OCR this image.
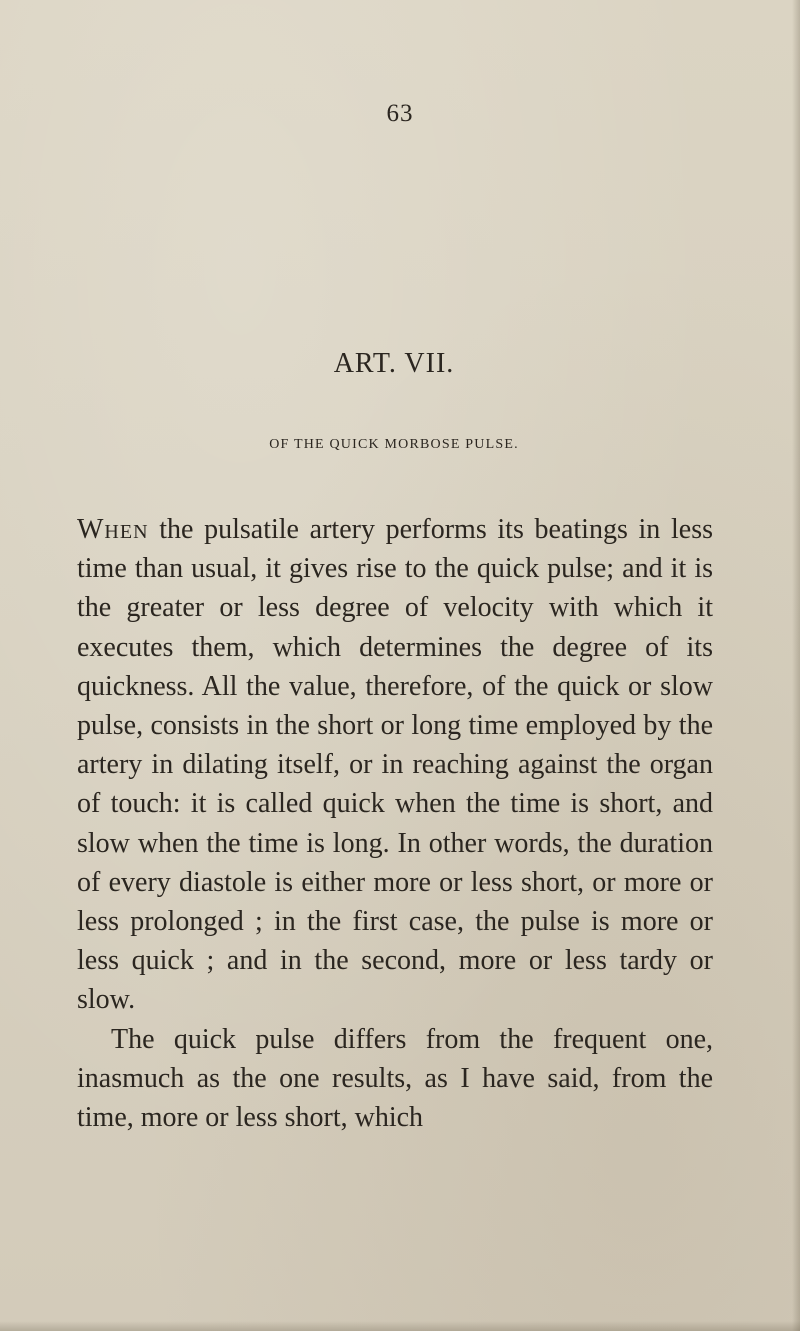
63
ART. VII.
OF THE QUICK MORBOSE PULSE.

When the pulsatile artery performs its beatings in less time than usual, it gives rise to the quick pulse; and it is the greater or less degree of velocity with which it executes them, which determines the degree of its quickness. All the value, therefore, of the quick or slow pulse, consists in the short or long time employed by the artery in dilating itself, or in reaching against the organ of touch: it is called quick when the time is short, and slow when the time is long. In other words, the duration of every diastole is either more or less short, or more or less prolonged ; in the first case, the pulse is more or less quick ; and in the second, more or less tardy or slow.

The quick pulse differs from the frequent one, inasmuch as the one results, as I have said, from the time, more or less short, which
